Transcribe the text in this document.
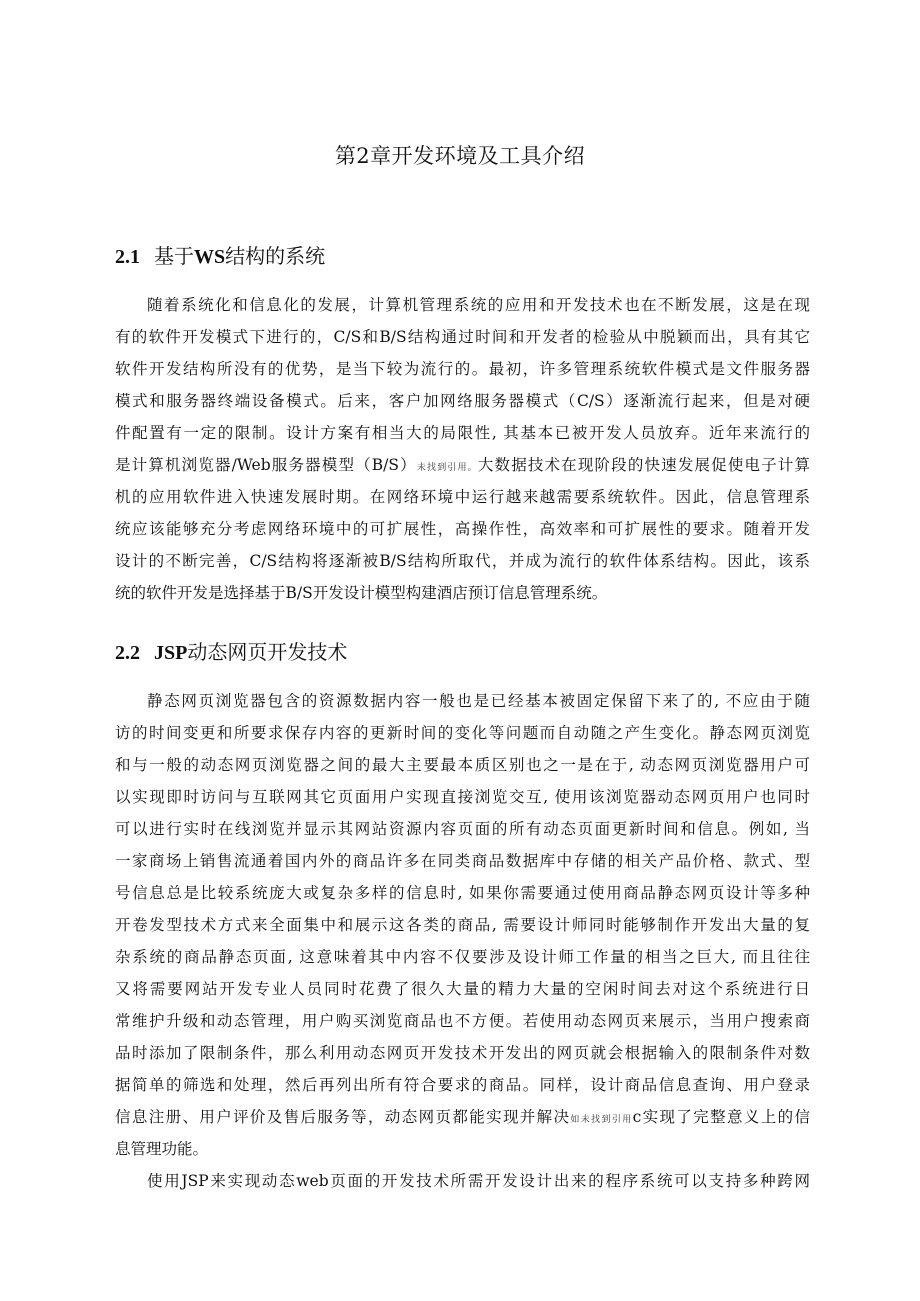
第2章开发环境及工具介绍
2.1 基于WS结构的系统
随着系统化和信息化的发展，计算机管理系统的应用和开发技术也在不断发展，这是在现
有的软件开发模式下进行的，C/S和B/S结构通过时间和开发者的检验从中脱颖而出，具有其它
软件开发结构所没有的优势，是当下较为流行的。最初，许多管理系统软件模式是文件服务器
模式和服务器终端设备模式。后来，客户加网络服务器模式（C/S）逐渐流行起来，但是对硬
件配置有一定的限制。设计方案有相当大的局限性, 其基本已被开发人员放弃。近年来流行的
是计算机浏览器/Web服务器模型（B/S）未找到引用。大数据技术在现阶段的快速发展促使电子计算
机的应用软件进入快速发展时期。在网络环境中运行越来越需要系统软件。因此，信息管理系
统应该能够充分考虑网络环境中的可扩展性，高操作性，高效率和可扩展性的要求。随着开发
设计的不断完善，C/S结构将逐渐被B/S结构所取代，并成为流行的软件体系结构。因此，该系
统的软件开发是选择基于B/S开发设计模型构建酒店预订信息管理系统。
2.2 JSP动态网页开发技术
静态网页浏览器包含的资源数据内容一般也是已经基本被固定保留下来了的, 不应由于随
访的时间变更和所要求保存内容的更新时间的变化等问题而自动随之产生变化。静态网页浏览
和与一般的动态网页浏览器之间的最大主要最本质区别也之一是在于, 动态网页浏览器用户可
以实现即时访问与互联网其它页面用户实现直接浏览交互, 使用该浏览器动态网页用户也同时
可以进行实时在线浏览并显示其网站资源内容页面的所有动态页面更新时间和信息。例如, 当
一家商场上销售流通着国内外的商品许多在同类商品数据库中存储的相关产品价格、款式、型
号信息总是比较系统庞大或复杂多样的信息时, 如果你需要通过使用商品静态网页设计等多种
开卷发型技术方式来全面集中和展示这各类的商品, 需要设计师同时能够制作开发出大量的复
杂系统的商品静态页面, 这意味着其中内容不仅要涉及设计师工作量的相当之巨大, 而且往往
又将需要网站开发专业人员同时花费了很久大量的精力大量的空闲时间去对这个系统进行日
常维护升级和动态管理，用户购买浏览商品也不方便。若使用动态网页来展示，当用户搜索商
品时添加了限制条件，那么利用动态网页开发技术开发出的网页就会根据输入的限制条件对数
据简单的筛选和处理，然后再列出所有符合要求的商品。同样，设计商品信息查询、用户登录
信息注册、用户评价及售后服务等，动态网页都能实现并解决如未找到引用c实现了完整意义上的信
息管理功能。
使用JSP来实现动态web页面的开发技术所需开发设计出来的程序系统可以支持多种跨网
